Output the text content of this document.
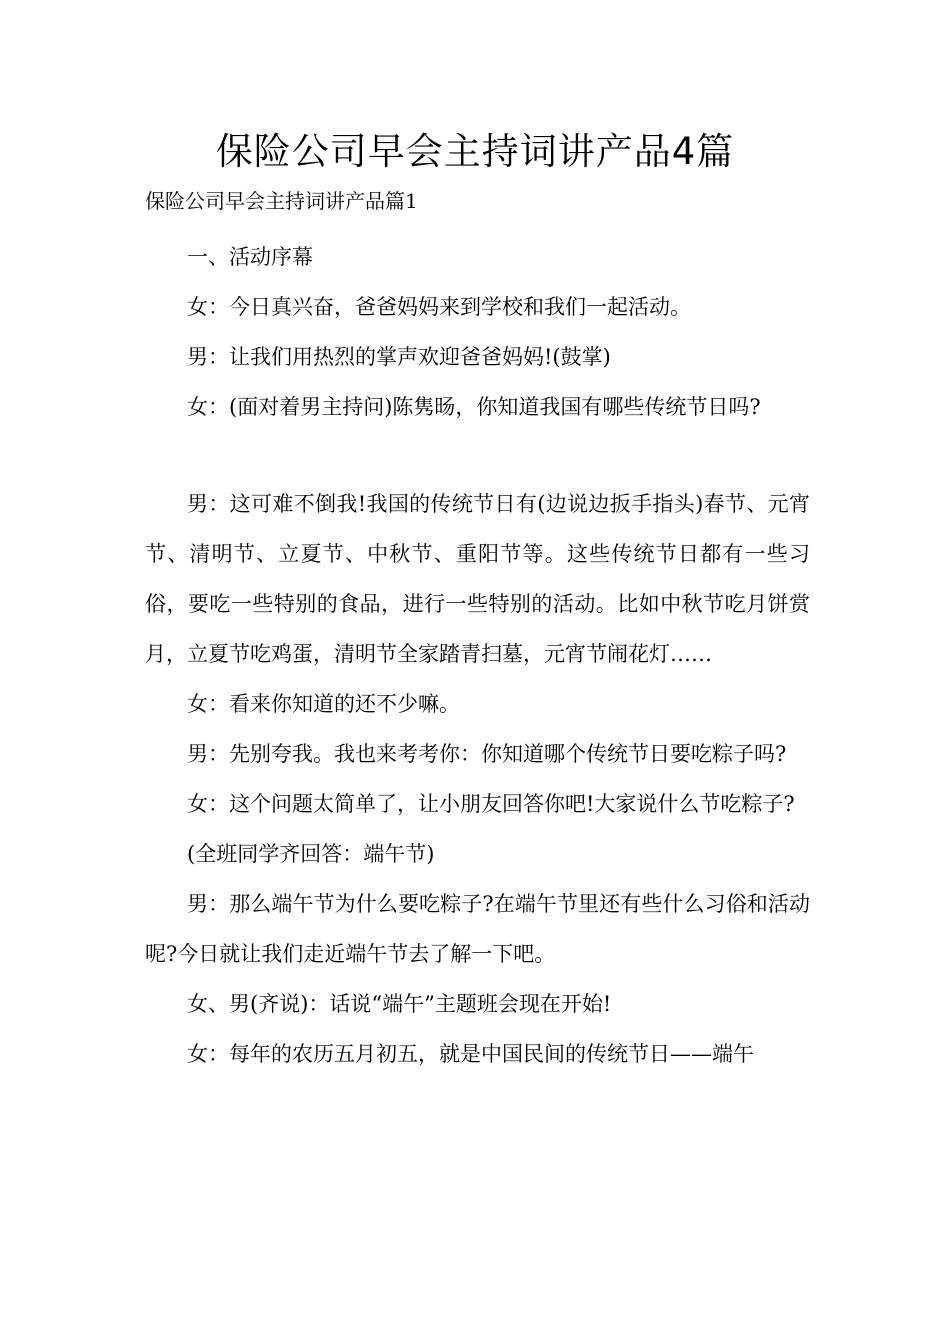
保险公司早会主持词讲产品4篇
保险公司早会主持词讲产品篇1

一、活动序幕

女：今日真兴奋，爸爸妈妈来到学校和我们一起活动。

男：让我们用热烈的掌声欢迎爸爸妈妈!(鼓掌)

女：(面对着男主持问)陈隽旸，你知道我国有哪些传统节日吗?

男：这可难不倒我!我国的传统节日有(边说边扳手指头)春节、元宵节、清明节、立夏节、中秋节、重阳节等。这些传统节日都有一些习俗，要吃一些特别的食品，进行一些特别的活动。比如中秋节吃月饼赏月，立夏节吃鸡蛋，清明节全家踏青扫墓，元宵节闹花灯……

女：看来你知道的还不少嘛。

男：先别夸我。我也来考考你：你知道哪个传统节日要吃粽子吗?

女：这个问题太简单了，让小朋友回答你吧!大家说什么节吃粽子?

(全班同学齐回答：端午节)

男：那么端午节为什么要吃粽子?在端午节里还有些什么习俗和活动呢?今日就让我们走近端午节去了解一下吧。

女、男(齐说)：话说“端午”主题班会现在开始!

女：每年的农历五月初五，就是中国民间的传统节日——端午
